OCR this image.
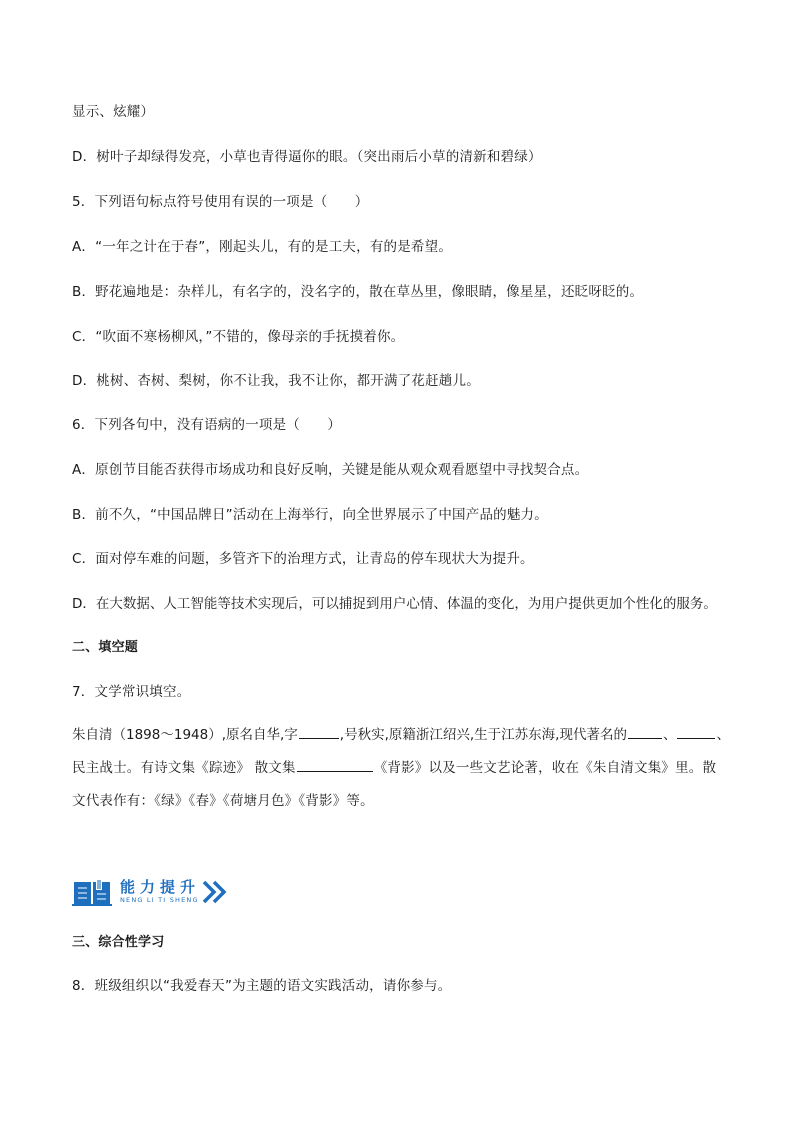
显示、炫耀）
D．树叶子却绿得发亮，小草也青得逼你的眼。（突出雨后小草的清新和碧绿）
5．下列语句标点符号使用有误的一项是（　　）
A．“一年之计在于春”，刚起头儿，有的是工夫，有的是希望。
B．野花遍地是：杂样儿，有名字的，没名字的，散在草丛里，像眼睛，像星星，还眨呀眨的。
C．“吹面不寒杨柳风，”不错的，像母亲的手抚摸着你。
D．桃树、杏树、梨树，你不让我，我不让你，都开满了花赶趟儿。
6．下列各句中，没有语病的一项是（　　）
A．原创节目能否获得市场成功和良好反响，关键是能从观众观看愿望中寻找契合点。
B．前不久，“中国品牌日”活动在上海举行，向全世界展示了中国产品的魅力。
C．面对停车难的问题，多管齐下的治理方式，让青岛的停车现状大为提升。
D．在大数据、人工智能等技术实现后，可以捕捉到用户心情、体温的变化，为用户提供更加个性化的服务。
二、填空题
7．文学常识填空。
朱自清（1898～1948）,原名自华,字	,号秋实,原籍浙江绍兴,生于江苏东海,现代著名的	、	、
民主战士。有诗文集《踪迹》 散文集	《背影》以及一些文艺论著，收在《朱自清文集》里。散
文代表作有：《绿》《春》《荷塘月色》《背影》等。
能力提升
NENG LI TI SHENG
三、综合性学习
8．班级组织以“我爱春天”为主题的语文实践活动，请你参与。
